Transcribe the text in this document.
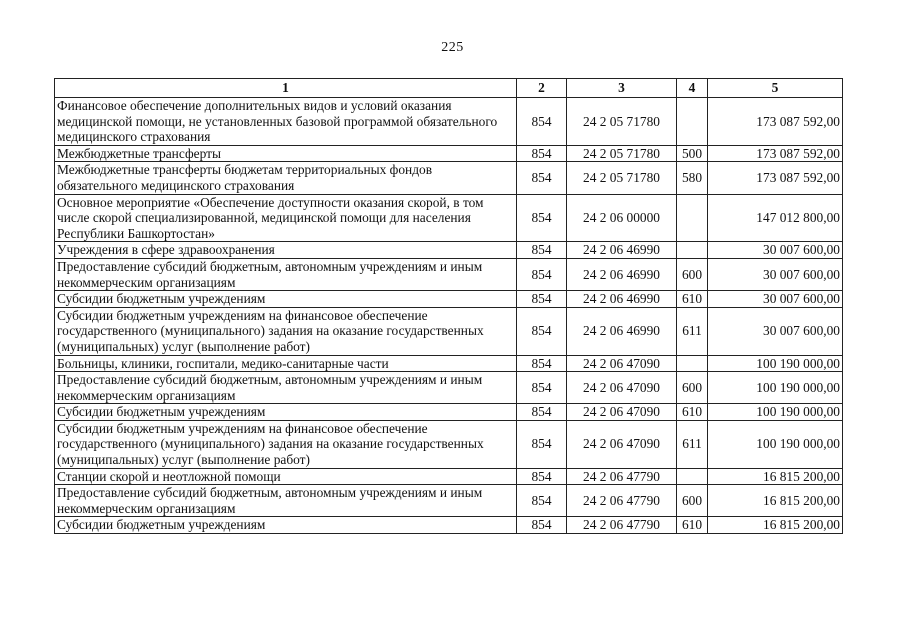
225
1	2	3	4	5
Финансовое обеспечение дополнительных видов и условий оказания медицинской помощи, не установленных базовой программой обязательного медицинского страхования	854	24 2 05 71780		173 087 592,00
Межбюджетные трансферты	854	24 2 05 71780	500	173 087 592,00
Межбюджетные трансферты бюджетам территориальных фондов обязательного медицинского страхования	854	24 2 05 71780	580	173 087 592,00
Основное мероприятие «Обеспечение доступности оказания скорой, в том числе скорой специализированной, медицинской помощи для населения Республики Башкортостан»	854	24 2 06 00000		147 012 800,00
Учреждения в сфере здравоохранения	854	24 2 06 46990		30 007 600,00
Предоставление субсидий бюджетным, автономным учреждениям и иным некоммерческим организациям	854	24 2 06 46990	600	30 007 600,00
Субсидии бюджетным учреждениям	854	24 2 06 46990	610	30 007 600,00
Субсидии бюджетным учреждениям на финансовое обеспечение государственного (муниципального) задания на оказание государственных (муниципальных) услуг (выполнение работ)	854	24 2 06 46990	611	30 007 600,00
Больницы, клиники, госпитали, медико-санитарные части	854	24 2 06 47090		100 190 000,00
Предоставление субсидий бюджетным, автономным учреждениям и иным некоммерческим организациям	854	24 2 06 47090	600	100 190 000,00
Субсидии бюджетным учреждениям	854	24 2 06 47090	610	100 190 000,00
Субсидии бюджетным учреждениям на финансовое обеспечение государственного (муниципального) задания на оказание государственных (муниципальных) услуг (выполнение работ)	854	24 2 06 47090	611	100 190 000,00
Станции скорой и неотложной помощи	854	24 2 06 47790		16 815 200,00
Предоставление субсидий бюджетным, автономным учреждениям и иным некоммерческим организациям	854	24 2 06 47790	600	16 815 200,00
Субсидии бюджетным учреждениям	854	24 2 06 47790	610	16 815 200,00
